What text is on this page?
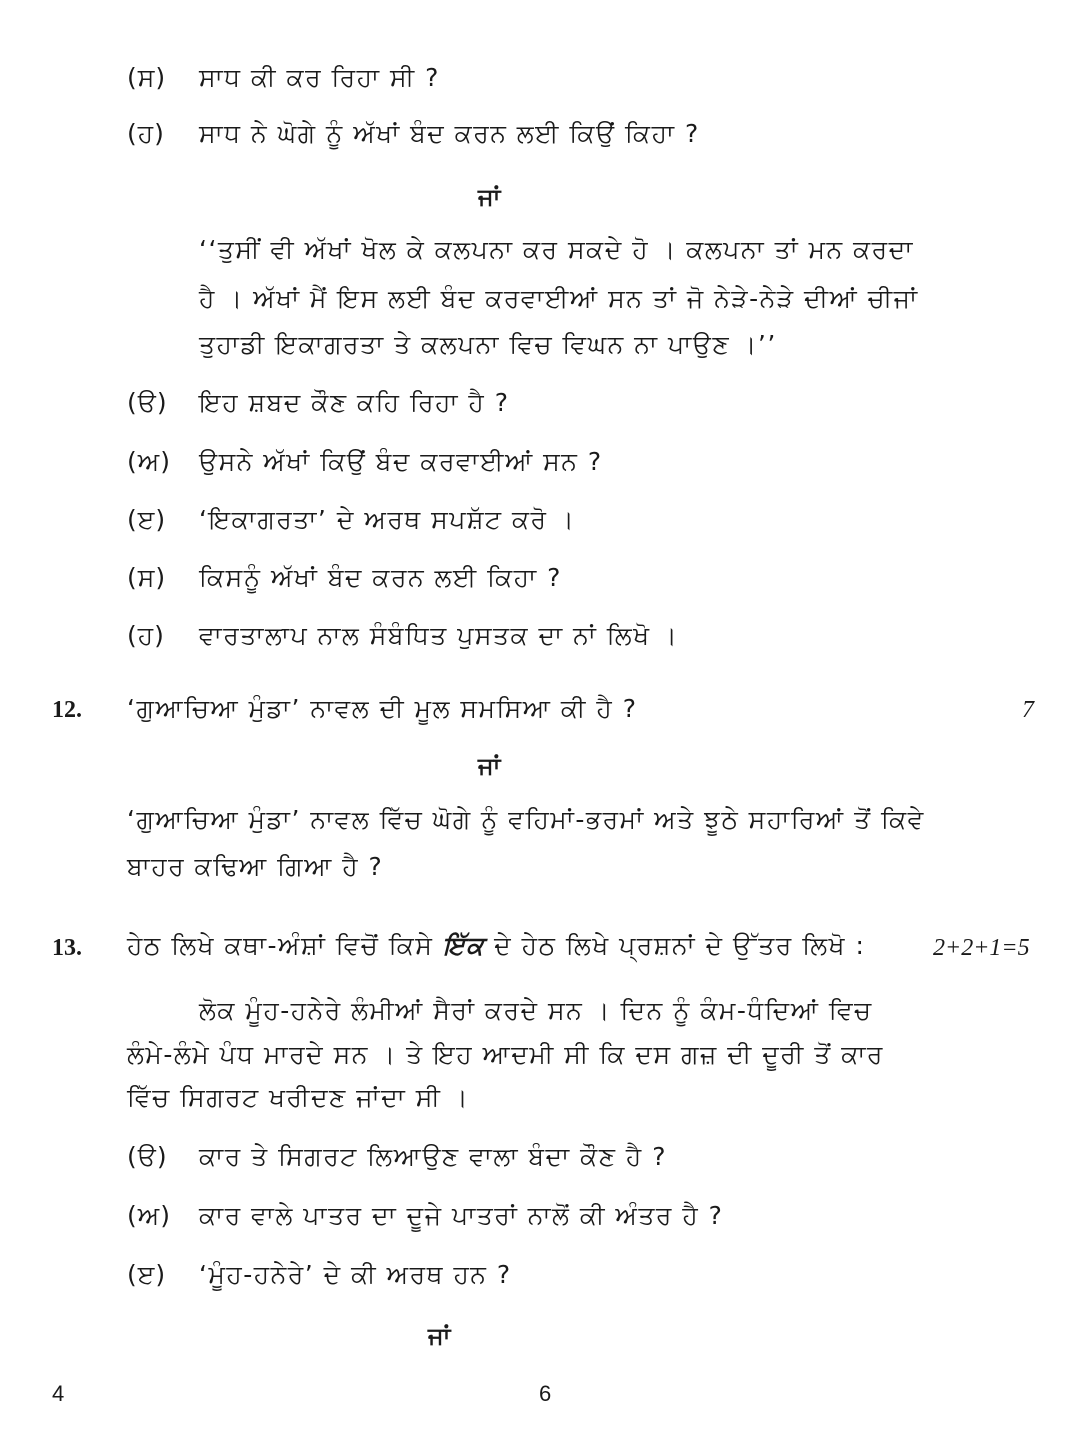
(ਸ) ਸਾਧ ਕੀ ਕਰ ਰਿਹਾ ਸੀ ?
(ਹ) ਸਾਧ ਨੇ ਘੋਗੇ ਨੂੰ ਅੱਖਾਂ ਬੰਦ ਕਰਨ ਲਈ ਕਿਉਂ ਕਿਹਾ ?
ਜਾਂ
‘‘ਤੁਸੀਂ ਵੀ ਅੱਖਾਂ ਖੋਲ ਕੇ ਕਲਪਨਾ ਕਰ ਸਕਦੇ ਹੋ । ਕਲਪਨਾ ਤਾਂ ਮਨ ਕਰਦਾ
ਹੈ । ਅੱਖਾਂ ਮੈਂ ਇਸ ਲਈ ਬੰਦ ਕਰਵਾਈਆਂ ਸਨ ਤਾਂ ਜੋ ਨੇੜੇ-ਨੇੜੇ ਦੀਆਂ ਚੀਜਾਂ
ਤੁਹਾਡੀ ਇਕਾਗਰਤਾ ਤੇ ਕਲਪਨਾ ਵਿਚ ਵਿਘਨ ਨਾ ਪਾਉਣ ।’’
(ੳ) ਇਹ ਸ਼ਬਦ ਕੌਣ ਕਹਿ ਰਿਹਾ ਹੈ ?
(ਅ) ਉਸਨੇ ਅੱਖਾਂ ਕਿਉਂ ਬੰਦ ਕਰਵਾਈਆਂ ਸਨ ?
(ੲ) ‘ਇਕਾਗਰਤਾ’ ਦੇ ਅਰਥ ਸਪਸ਼ੱਟ ਕਰੋ ।
(ਸ) ਕਿਸਨੂੰ ਅੱਖਾਂ ਬੰਦ ਕਰਨ ਲਈ ਕਿਹਾ ?
(ਹ) ਵਾਰਤਾਲਾਪ ਨਾਲ ਸੰਬੰਧਿਤ ਪੁਸਤਕ ਦਾ ਨਾਂ ਲਿਖੋ ।
12. ‘ਗੁਆਚਿਆ ਮੁੰਡਾ’ ਨਾਵਲ ਦੀ ਮੂਲ ਸਮਸਿਆ ਕੀ ਹੈ ?	7
ਜਾਂ
‘ਗੁਆਚਿਆ ਮੁੰਡਾ’ ਨਾਵਲ ਵਿੱਚ ਘੋਗੇ ਨੂੰ ਵਹਿਮਾਂ-ਭਰਮਾਂ ਅਤੇ ਝੂਠੇ ਸਹਾਰਿਆਂ ਤੋਂ ਕਿਵੇ
ਬਾਹਰ ਕਢਿਆ ਗਿਆ ਹੈ ?
13. ਹੇਠ ਲਿਖੇ ਕਥਾ-ਅੰਸ਼ਾਂ ਵਿਚੋਂ ਕਿਸੇ ਇੱਕ ਦੇ ਹੇਠ ਲਿਖੇ ਪ੍ਰਸ਼ਨਾਂ ਦੇ ਉੱਤਰ ਲਿਖੋ :	2+2+1=5
ਲੋਕ ਮੂੰਹ-ਹਨੇਰੇ ਲੰਮੀਆਂ ਸੈਰਾਂ ਕਰਦੇ ਸਨ । ਦਿਨ ਨੂੰ ਕੰਮ-ਧੰਦਿਆਂ ਵਿਚ
ਲੰਮੇ-ਲੰਮੇ ਪੰਧ ਮਾਰਦੇ ਸਨ । ਤੇ ਇਹ ਆਦਮੀ ਸੀ ਕਿ ਦਸ ਗਜ਼ ਦੀ ਦੂਰੀ ਤੋਂ ਕਾਰ
ਵਿੱਚ ਸਿਗਰਟ ਖਰੀਦਣ ਜਾਂਦਾ ਸੀ ।
(ੳ) ਕਾਰ ਤੇ ਸਿਗਰਟ ਲਿਆਉਣ ਵਾਲਾ ਬੰਦਾ ਕੌਣ ਹੈ ?
(ਅ) ਕਾਰ ਵਾਲੇ ਪਾਤਰ ਦਾ ਦੂਜੇ ਪਾਤਰਾਂ ਨਾਲੋਂ ਕੀ ਅੰਤਰ ਹੈ ?
(ੲ) ‘ਮੂੰਹ-ਹਨੇਰੇ’ ਦੇ ਕੀ ਅਰਥ ਹਨ ?
ਜਾਂ
4	6
